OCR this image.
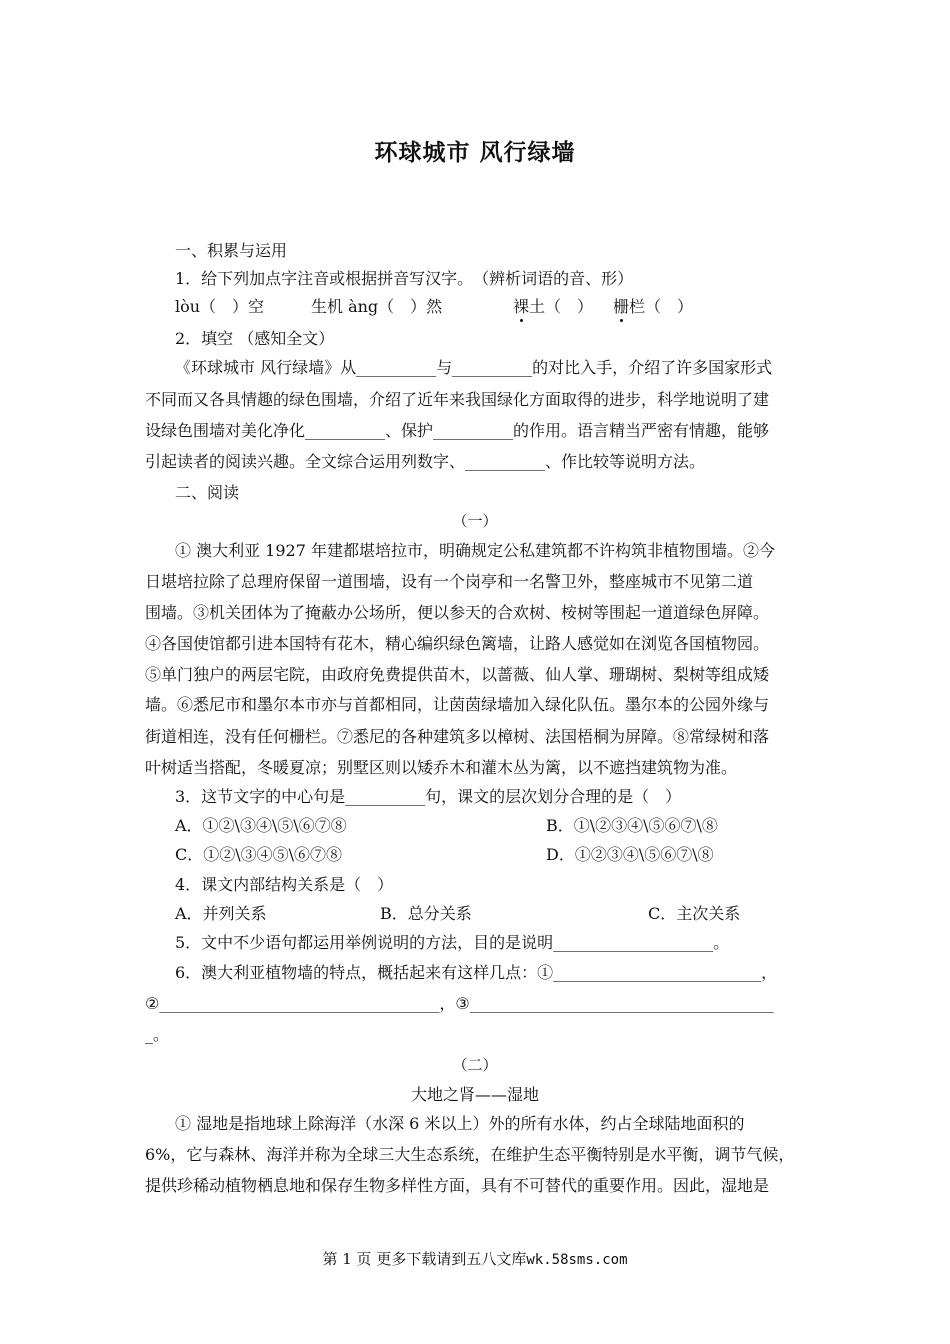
环球城市 风行绿墙
一、积累与运用
1．给下列加点字注音或根据拼音写汉字。　（辨析词语的音、形）
lòu（　）空	生机 àng（　）然	裸土（　） 栅栏（　）
2．填空 （感知全文）
《环球城市 风行绿墙》从__________与__________的对比入手，介绍了许多国家形式
不同而又各具情趣的绿色围墙，介绍了近年来我国绿化方面取得的进步，科学地说明了建
设绿色围墙对美化净化__________、保护__________的作用。语言精当严密有情趣，能够
引起读者的阅读兴趣。全文综合运用列数字、__________、作比较等说明方法。
二、阅读
（一）
① 澳大利亚 1927 年建都堪培拉市，明确规定公私建筑都不许构筑非植物围墙。②今
日堪培拉除了总理府保留一道围墙，设有一个岗亭和一名警卫外，整座城市不见第二道
围墙。③机关团体为了掩蔽办公场所，便以参天的合欢树、桉树等围起一道道绿色屏障。
④各国使馆都引进本国特有花木，精心编织绿色篱墙，让路人感觉如在浏览各国植物园。
⑤单门独户的两层宅院，由政府免费提供苗木，以蔷薇、仙人掌、珊瑚树、梨树等组成矮
墙。⑥悉尼市和墨尔本市亦与首都相同，让茵茵绿墙加入绿化队伍。墨尔本的公园外缘与
街道相连，没有任何栅栏。⑦悉尼的各种建筑多以樟树、法国梧桐为屏障。⑧常绿树和落
叶树适当搭配，冬暖夏凉；别墅区则以矮乔木和灌木丛为篱，以不遮挡建筑物为准。
3．这节文字的中心句是__________句，课文的层次划分合理的是（　）
A．①②\③④\⑤\⑥⑦⑧	B．①\②③④\⑤⑥⑦\⑧
C．①②\③④⑤\⑥⑦⑧	D．①②③④\⑤⑥⑦\⑧
4．课文内部结构关系是（　）
A．并列关系	B．总分关系	C．主次关系
5．文中不少语句都运用举例说明的方法，目的是说明____________________。
6．澳大利亚植物墙的特点，概括起来有这样几点：①__________________________，
②___________________________________，③______________________________________
_。
（二）
大地之肾——湿地
① 湿地是指地球上除海洋（水深 6 米以上）外的所有水体，约占全球陆地面积的
6%，它与森林、海洋并称为全球三大生态系统，在维护生态平衡特别是水平衡，调节气候，
提供珍稀动植物栖息地和保存生物多样性方面，具有不可替代的重要作用。因此，湿地是
第 1 页 更多下载请到五八文库wk.58sms.com
